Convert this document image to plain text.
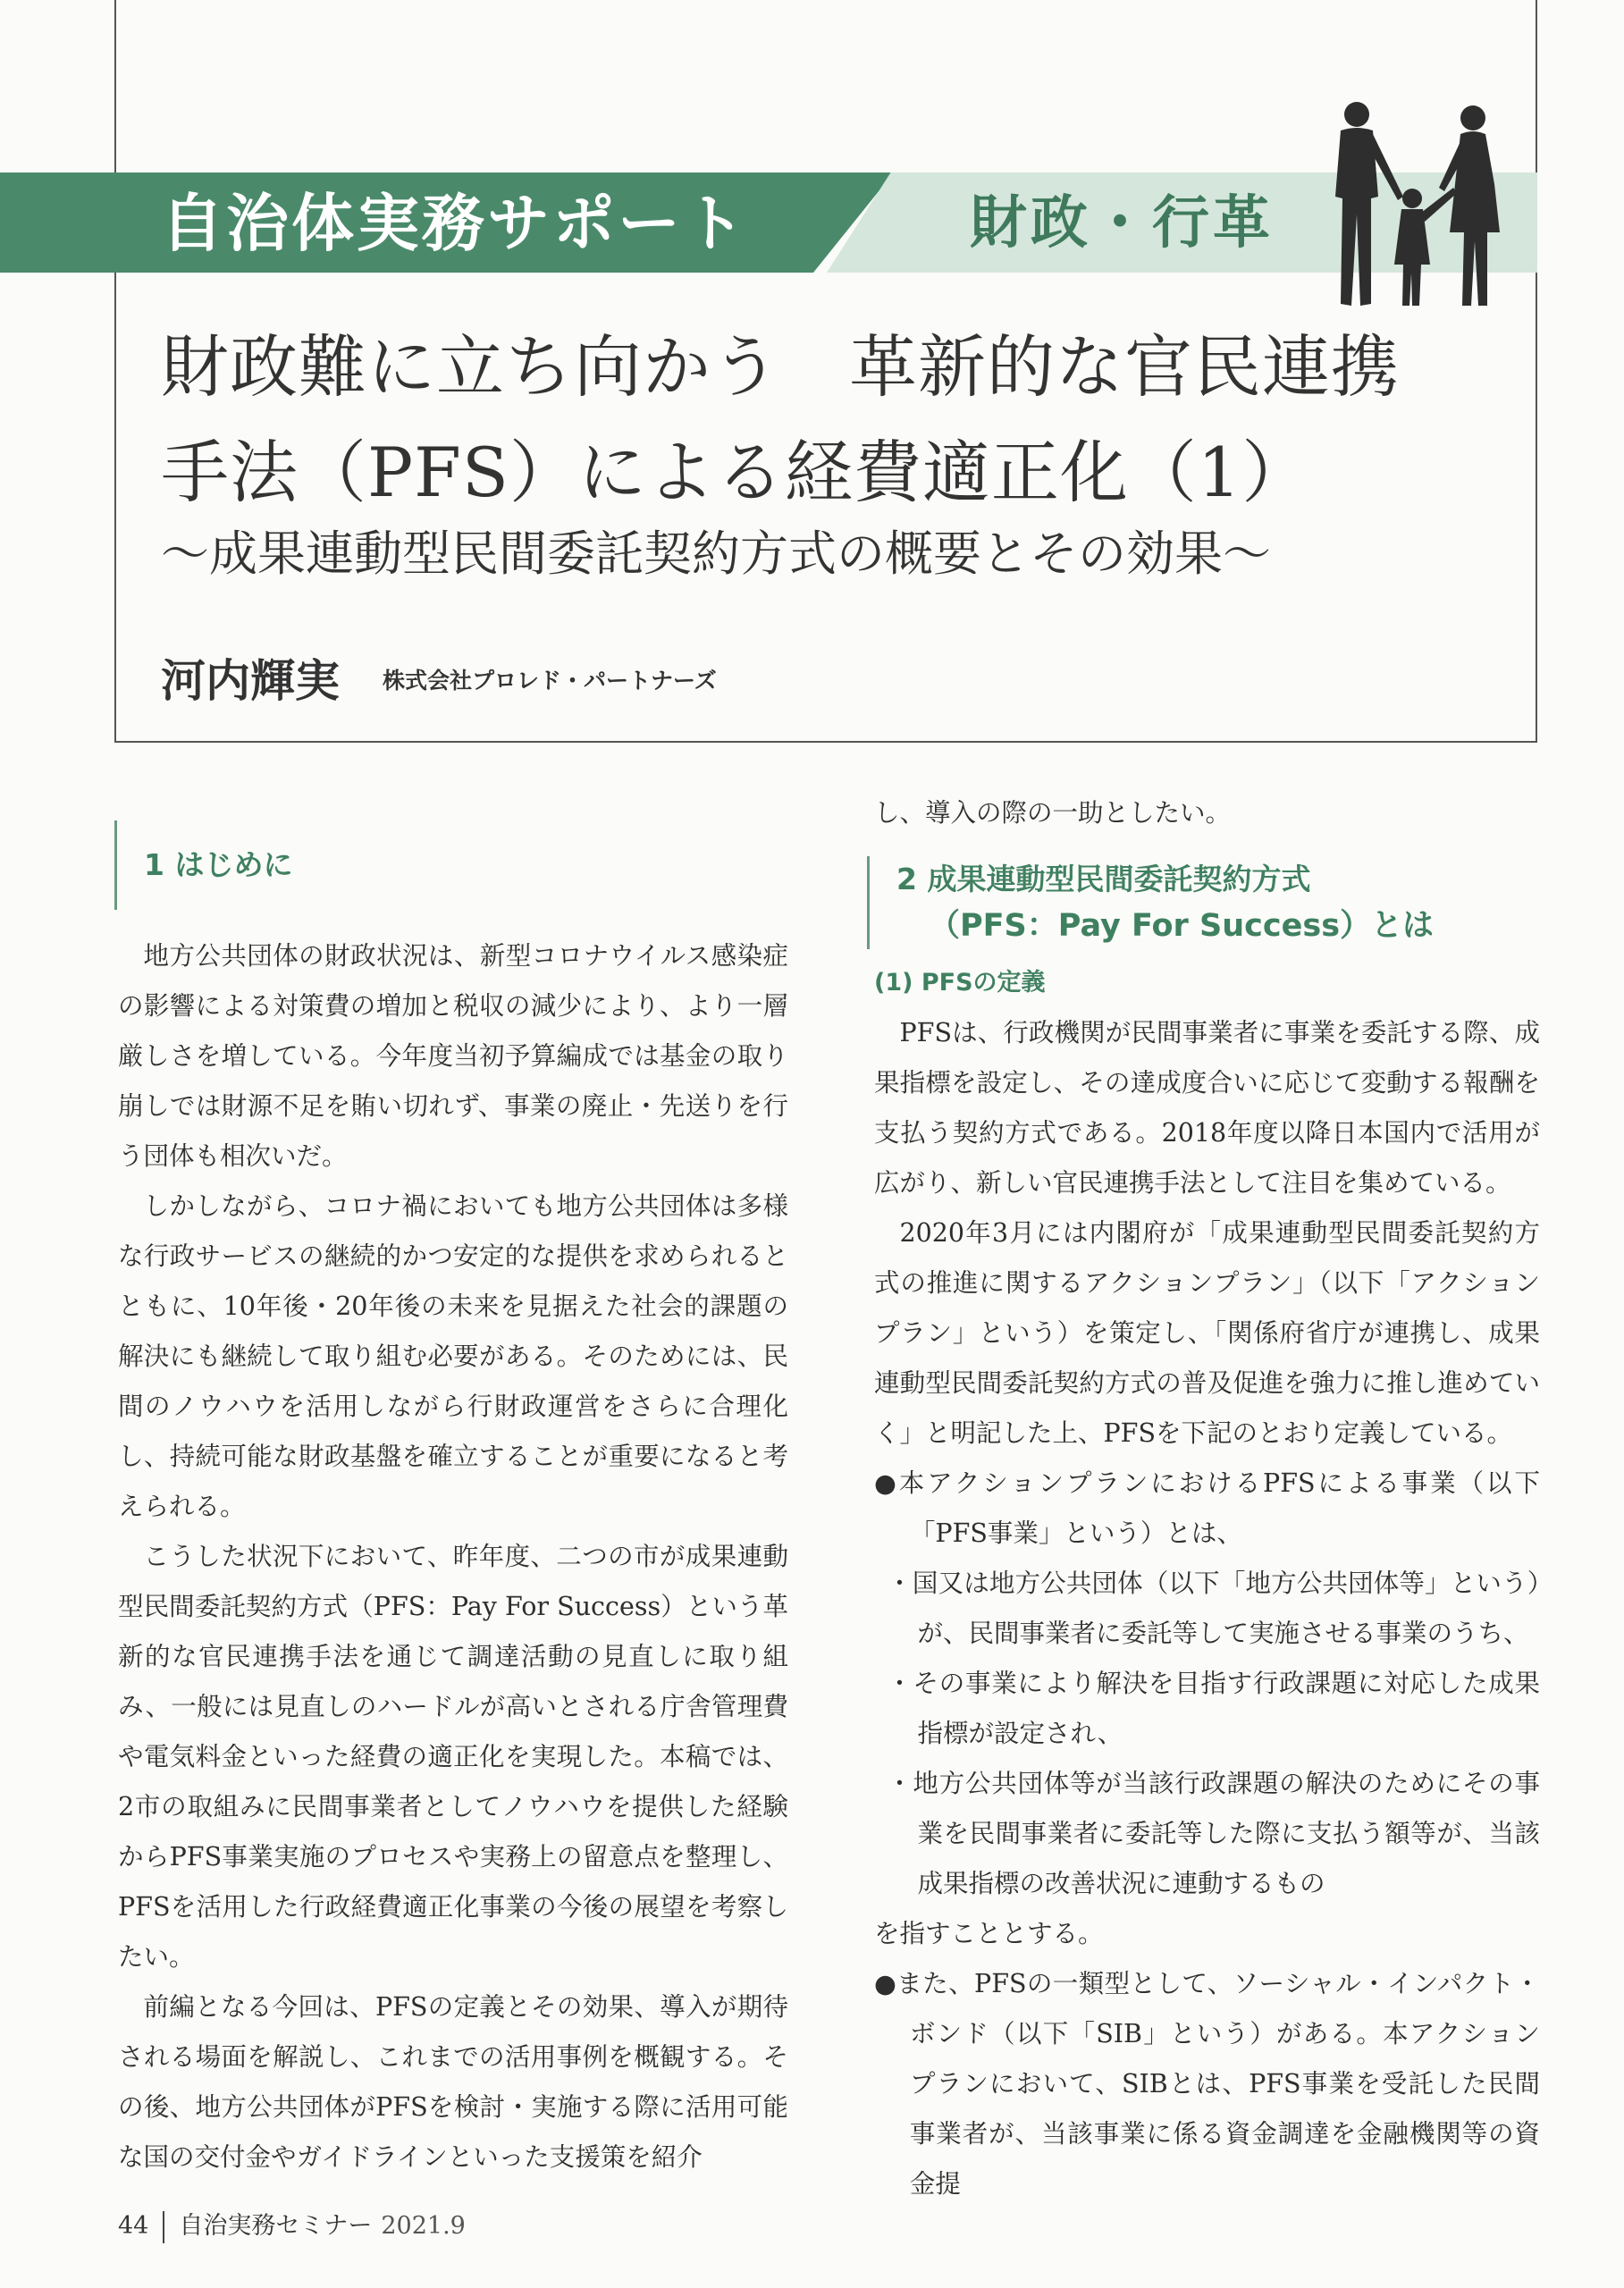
自治体実務サポート	財政・行革
財政難に立ち向かう　革新的な官民連携
手法（PFS）による経費適正化（1）
～成果連動型民間委託契約方式の概要とその効果～
河内輝実 株式会社プロレド・パートナーズ
1 はじめに

地方公共団体の財政状況は、新型コロナウイルス感染症の影響による対策費の増加と税収の減少により、より一層厳しさを増している。今年度当初予算編成では基金の取り崩しでは財源不足を賄い切れず、事業の廃止・先送りを行う団体も相次いだ。

しかしながら、コロナ禍においても地方公共団体は多様な行政サービスの継続的かつ安定的な提供を求められるとともに、10年後・20年後の未来を見据えた社会的課題の解決にも継続して取り組む必要がある。そのためには、民間のノウハウを活用しながら行財政運営をさらに合理化し、持続可能な財政基盤を確立することが重要になると考えられる。

こうした状況下において、昨年度、二つの市が成果連動型民間委託契約方式（PFS：Pay For Success）という革新的な官民連携手法を通じて調達活動の見直しに取り組み、一般には見直しのハードルが高いとされる庁舎管理費や電気料金といった経費の適正化を実現した。本稿では、2市の取組みに民間事業者としてノウハウを提供した経験からPFS事業実施のプロセスや実務上の留意点を整理し、PFSを活用した行政経費適正化事業の今後の展望を考察したい。

前編となる今回は、PFSの定義とその効果、導入が期待される場面を解説し、これまでの活用事例を概観する。その後、地方公共団体がPFSを検討・実施する際に活用可能な国の交付金やガイドラインといった支援策を紹介

し、導入の際の一助としたい。

2 成果連動型民間委託契約方式
（PFS：Pay For Success）とは
(1) PFSの定義

PFSは、行政機関が民間事業者に事業を委託する際、成果指標を設定し、その達成度合いに応じて変動する報酬を支払う契約方式である。2018年度以降日本国内で活用が広がり、新しい官民連携手法として注目を集めている。

2020年3月には内閣府が「成果連動型民間委託契約方式の推進に関するアクションプラン」（以下「アクションプラン」という）を策定し、「関係府省庁が連携し、成果連動型民間委託契約方式の普及促進を強力に推し進めていく」と明記した上、PFSを下記のとおり定義している。

●本アクションプランにおけるPFSによる事業（以下「PFS事業」という）とは、

・国又は地方公共団体（以下「地方公共団体等」という）が、民間事業者に委託等して実施させる事業のうち、

・その事業により解決を目指す行政課題に対応した成果指標が設定され、

・地方公共団体等が当該行政課題の解決のためにその事業を民間事業者に委託等した際に支払う額等が、当該成果指標の改善状況に連動するもの

を指すこととする。

●また、PFSの一類型として、ソーシャル・インパクト・ボンド（以下「SIB」という）がある。本アクションプランにおいて、SIBとは、PFS事業を受託した民間事業者が、当該事業に係る資金調達を金融機関等の資金提

44 自治実務セミナー 2021.9
